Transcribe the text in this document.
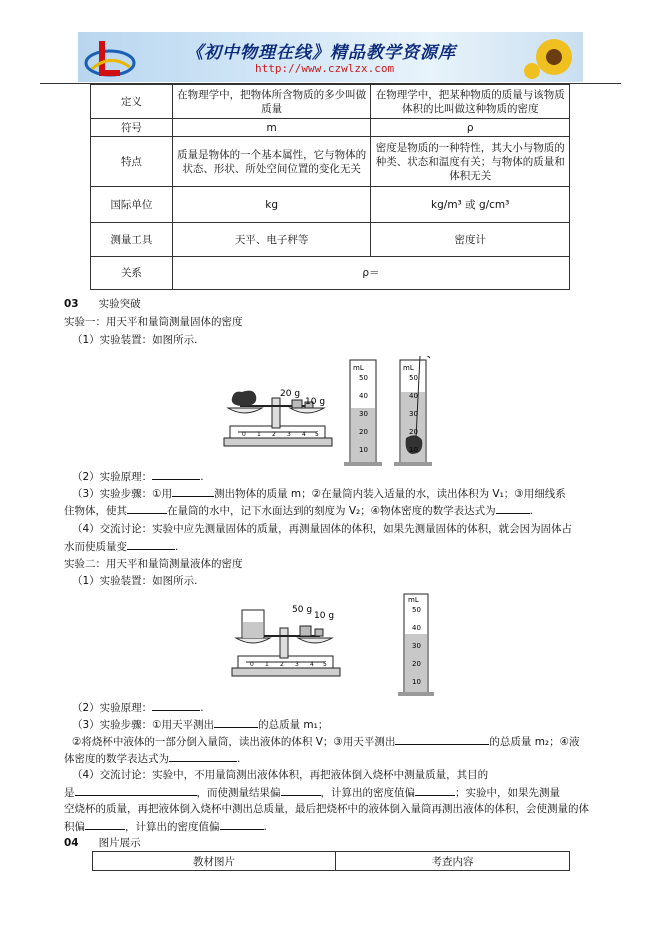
《初中物理在线》精品教学资源库
http://www.czwlzx.com
定义	在物理学中，把物体所含物质的多少叫做质量	在物理学中，把某种物质的质量与该物质体积的比叫做这种物质的密度
符号	m	ρ
特点	质量是物体的一个基本属性，它与物体的状态、形状、所处空间位置的变化无关	密度是物质的一种特性，其大小与物质的种类、状态和温度有关；与物体的质量和体积无关
国际单位	kg	kg/m³ 或 g/cm³
测量工具	天平、电子秤等	密度计
关系	ρ＝	
03 实验突破
实验一：用天平和量筒测量固体的密度
（1）实验装置：如图所示.
20 g
10 g
0 1 2 3 4 5
mL
50
40
30
20
10
mL
50
40
30
20
10
（2）实验原理：	.
（3）实验步骤：①用	测出物体的质量 m；②在量筒内装入适量的水，读出体积为 V₁；③用细线系
住物体，使其	在量筒的水中，记下水面达到的刻度为 V₂；④物体密度的数学表达式为	.
（4）交流讨论：实验中应先测量固体的质量，再测量固体的体积，如果先测量固体的体积，就会因为固体占
水而使质量变	.
实验二：用天平和量筒测量液体的密度
（1）实验装置：如图所示.
50 g
10 g
0 1 2 3 4 5
mL
50
40
30
20
10
（2）实验原理：	.
（3）实验步骤：①用天平测出	的总质量 m₁；
②将烧杯中液体的一部分倒入量筒，读出液体的体积 V；③用天平测出	的总质量 m₂；④液
体密度的数学表达式为	.
（4）交流讨论：实验中，不用量筒测出液体体积，再把液体倒入烧杯中测量质量，其目的
是	，而使测量结果偏	，计算出的密度值偏	；实验中，如果先测量
空烧杯的质量，再把液体倒入烧杯中测出总质量，最后把烧杯中的液体倒入量筒再测出液体的体积，会使测量的体
积偏	，计算出的密度值偏	.
04 图片展示
教材图片	考查内容
